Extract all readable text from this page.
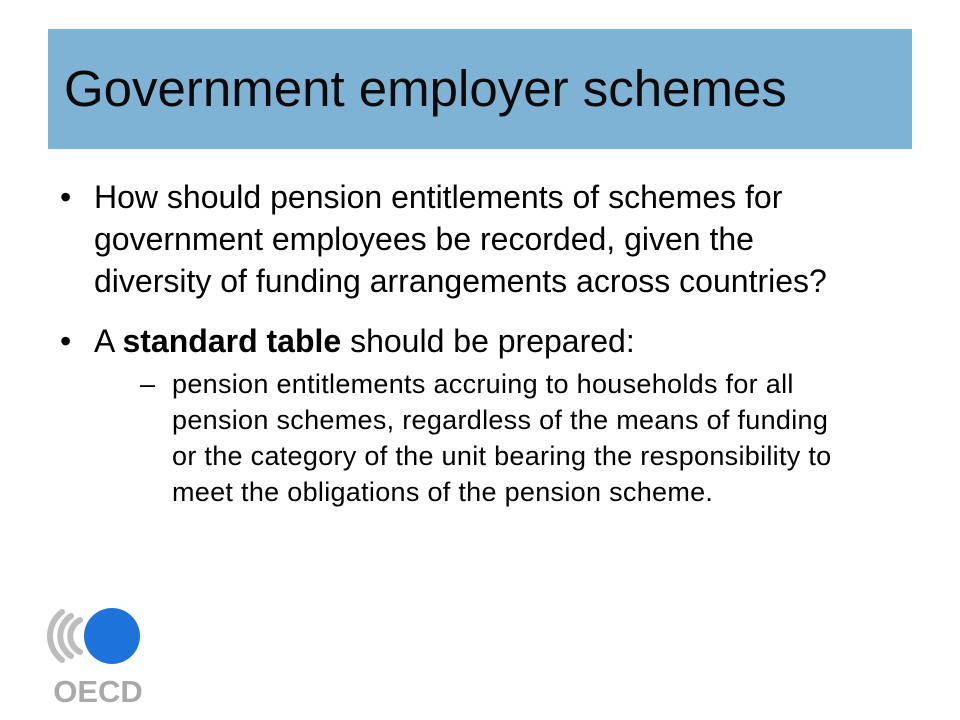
Government employer schemes
• How should pension entitlements of schemes for government employees be recorded, given the diversity of funding arrangements across countries?
• A standard table should be prepared:
– pension entitlements accruing to households for all pension schemes, regardless of the means of funding or the category of the unit bearing the responsibility to meet the obligations of the pension scheme.
OECD
